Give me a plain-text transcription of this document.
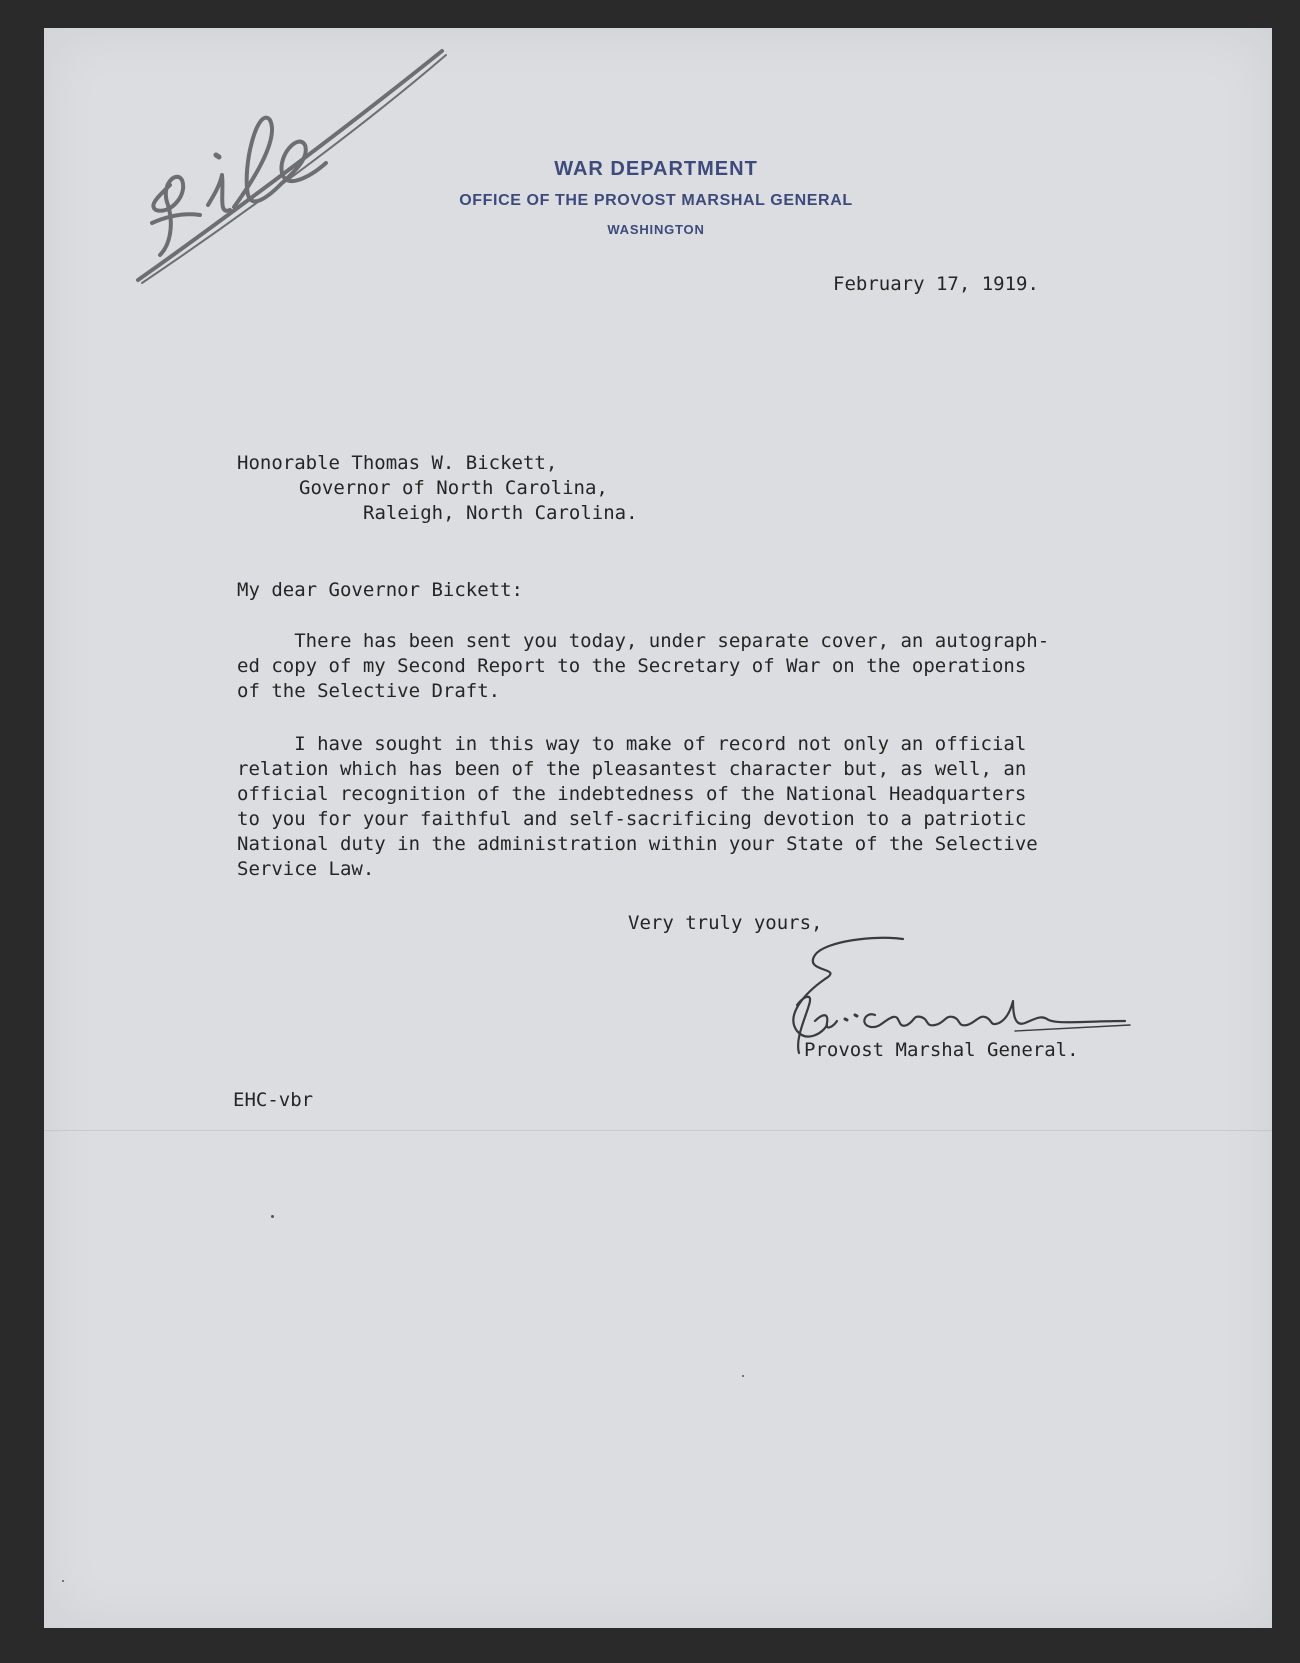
WAR DEPARTMENT
OFFICE OF THE PROVOST MARSHAL GENERAL
WASHINGTON
February 17, 1919.
Honorable Thomas W. Bickett,
Governor of North Carolina,
Raleigh, North Carolina.
My dear Governor Bickett:
There has been sent you today, under separate cover, an autograph-
ed copy of my Second Report to the Secretary of War on the operations
of the Selective Draft.
I have sought in this way to make of record not only an official
relation which has been of the pleasantest character but, as well, an
official recognition of the indebtedness of the National Headquarters
to you for your faithful and self-sacrificing devotion to a patriotic
National duty in the administration within your State of the Selective
Service Law.
Very truly yours,
Provost Marshal General.
EHC-vbr
